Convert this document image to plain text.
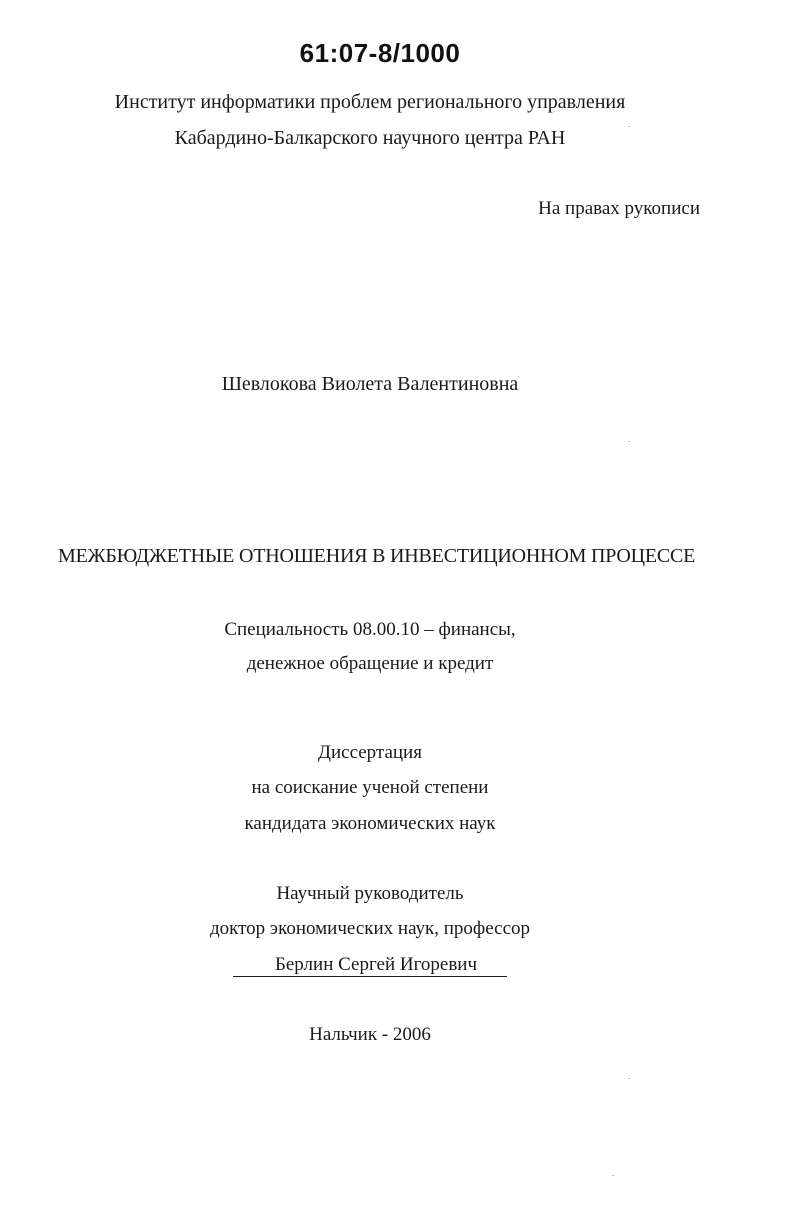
61:07-8/1000
Институт информатики проблем регионального управления
Кабардино-Балкарского научного центра РАН
На правах рукописи
Шевлокова Виолета Валентиновна
МЕЖБЮДЖЕТНЫЕ ОТНОШЕНИЯ В ИНВЕСТИЦИОННОМ ПРОЦЕССЕ
Специальность 08.00.10 – финансы,
денежное обращение и кредит
Диссертация
на соискание ученой степени
кандидата экономических наук
Научный руководитель
доктор экономических наук, профессор
Берлин Сергей Игоревич
Нальчик - 2006
